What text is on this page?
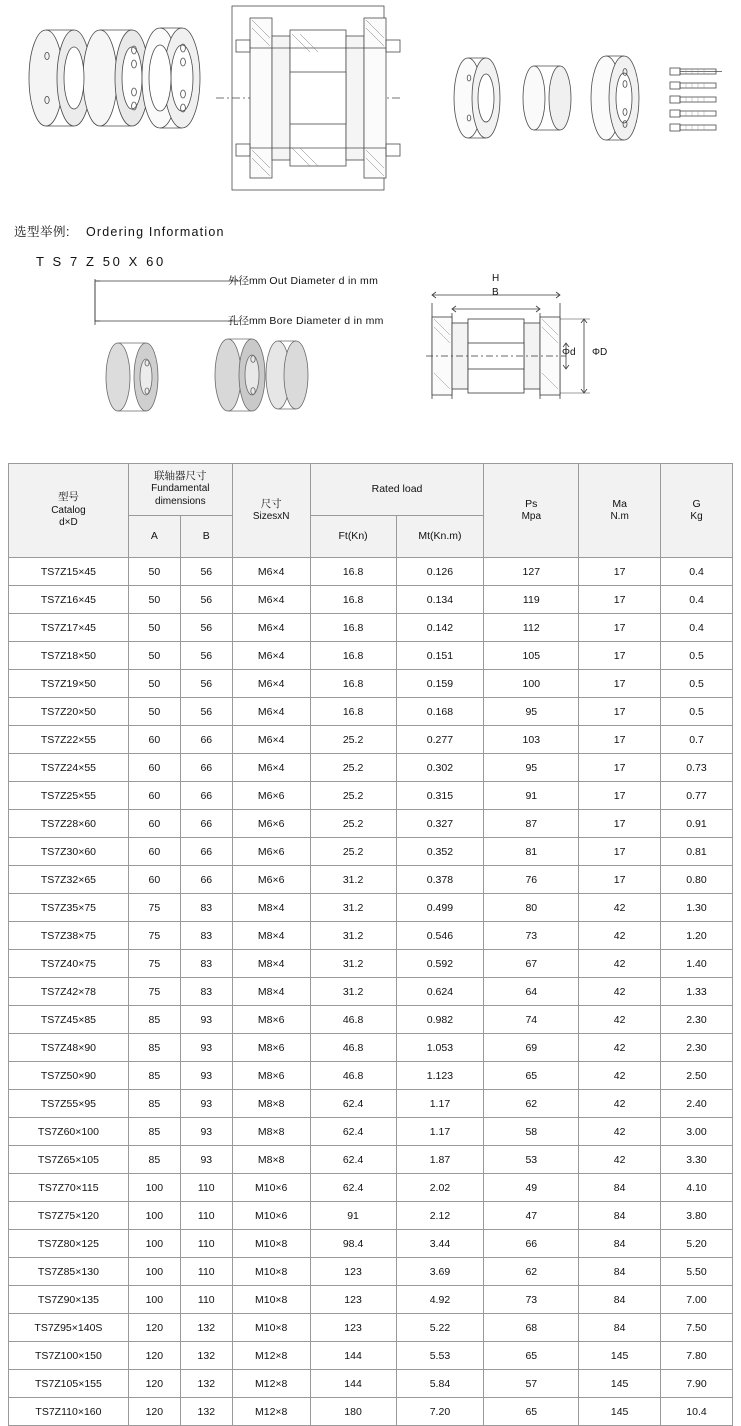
选型举例: Ordering Information
T S 7 Z 50 X 60
外径mm Out Diameter d in mm
孔径mm Bore Diameter d in mm
H
B
Φd ΦD
型号
Catalog
d×D	联轴器尺寸
Fundamental
dimensions		尺寸
SizesxN	Rated load		Ps
Mpa	Ma
N.m	G
Kg

	A	B		Ft(Kn)	Mt(Kn.m)			
TS7Z15×45	50	56	M6×4	16.8	0.126	127	17	0.4
TS7Z16×45	50	56	M6×4	16.8	0.134	119	17	0.4
TS7Z17×45	50	56	M6×4	16.8	0.142	112	17	0.4
TS7Z18×50	50	56	M6×4	16.8	0.151	105	17	0.5
TS7Z19×50	50	56	M6×4	16.8	0.159	100	17	0.5
TS7Z20×50	50	56	M6×4	16.8	0.168	95	17	0.5
TS7Z22×55	60	66	M6×4	25.2	0.277	103	17	0.7
TS7Z24×55	60	66	M6×4	25.2	0.302	95	17	0.73
TS7Z25×55	60	66	M6×6	25.2	0.315	91	17	0.77
TS7Z28×60	60	66	M6×6	25.2	0.327	87	17	0.91
TS7Z30×60	60	66	M6×6	25.2	0.352	81	17	0.81
TS7Z32×65	60	66	M6×6	31.2	0.378	76	17	0.80
TS7Z35×75	75	83	M8×4	31.2	0.499	80	42	1.30
TS7Z38×75	75	83	M8×4	31.2	0.546	73	42	1.20
TS7Z40×75	75	83	M8×4	31.2	0.592	67	42	1.40
TS7Z42×78	75	83	M8×4	31.2	0.624	64	42	1.33
TS7Z45×85	85	93	M8×6	46.8	0.982	74	42	2.30
TS7Z48×90	85	93	M8×6	46.8	1.053	69	42	2.30
TS7Z50×90	85	93	M8×6	46.8	1.123	65	42	2.50
TS7Z55×95	85	93	M8×8	62.4	1.17	62	42	2.40
TS7Z60×100	85	93	M8×8	62.4	1.17	58	42	3.00
TS7Z65×105	85	93	M8×8	62.4	1.87	53	42	3.30
TS7Z70×115	100	110	M10×6	62.4	2.02	49	84	4.10
TS7Z75×120	100	110	M10×6	91	2.12	47	84	3.80
TS7Z80×125	100	110	M10×8	98.4	3.44	66	84	5.20
TS7Z85×130	100	110	M10×8	123	3.69	62	84	5.50
TS7Z90×135	100	110	M10×8	123	4.92	73	84	7.00
TS7Z95×140S	120	132	M10×8	123	5.22	68	84	7.50
TS7Z100×150	120	132	M12×8	144	5.53	65	145	7.80
TS7Z105×155	120	132	M12×8	144	5.84	57	145	7.90
TS7Z110×160	120	132	M12×8	180	7.20	65	145	10.4
